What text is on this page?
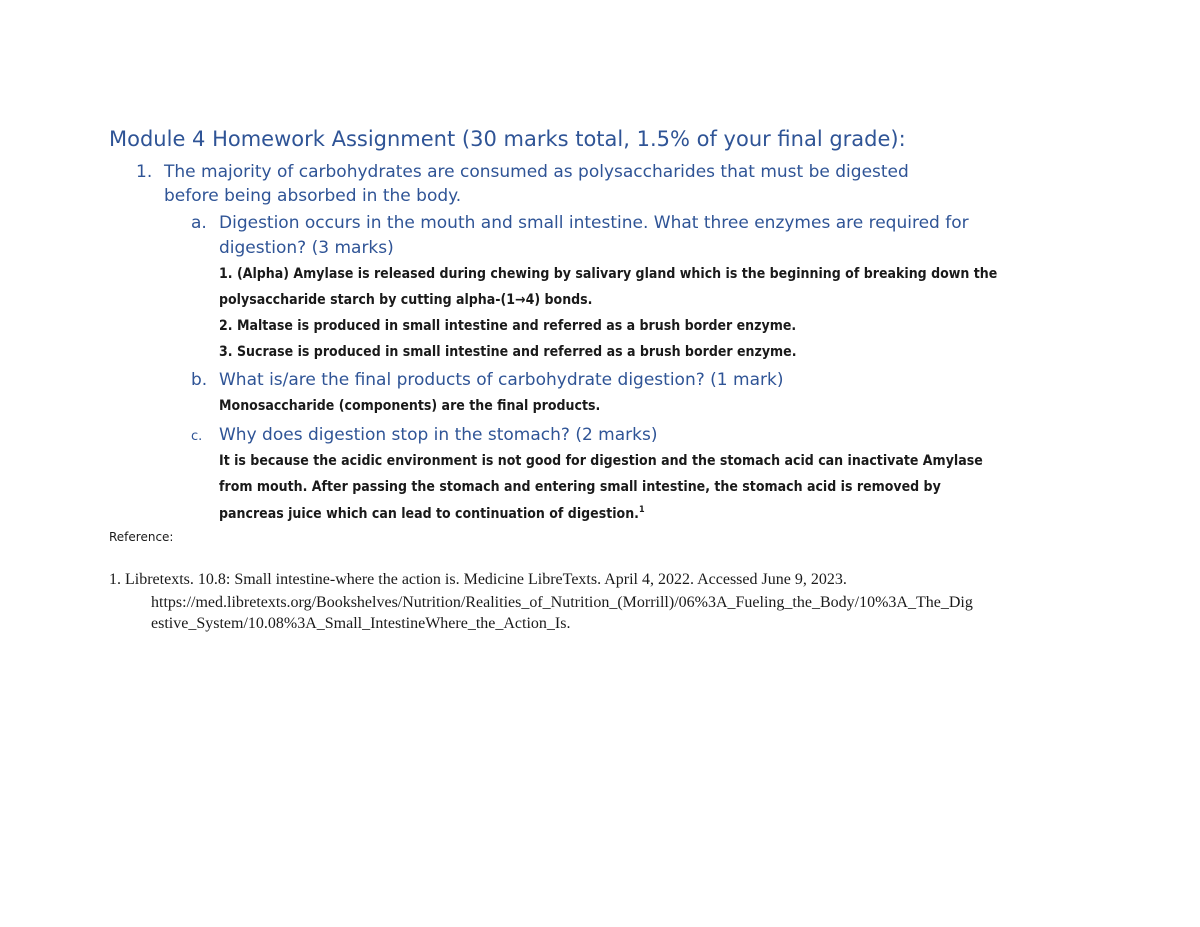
Module 4 Homework Assignment (30 marks total, 1.5% of your final grade):
1. The majority of carbohydrates are consumed as polysaccharides that must be digested
before being absorbed in the body.
a. Digestion occurs in the mouth and small intestine. What three enzymes are required for
digestion? (3 marks)
1. (Alpha) Amylase is released during chewing by salivary gland which is the beginning of breaking down the
polysaccharide starch by cutting alpha-(1→4) bonds.
2. Maltase is produced in small intestine and referred as a brush border enzyme.
3. Sucrase is produced in small intestine and referred as a brush border enzyme.
b. What is/are the final products of carbohydrate digestion? (1 mark)
Monosaccharide (components) are the final products.
c. Why does digestion stop in the stomach? (2 marks)
It is because the acidic environment is not good for digestion and the stomach acid can inactivate Amylase
from mouth. After passing the stomach and entering small intestine, the stomach acid is removed by
pancreas juice which can lead to continuation of digestion.$^1$
Reference:
1. Libretexts. 10.8: Small intestine-where the action is. Medicine LibreTexts. April 4, 2022. Accessed June 9, 2023.
https://med.libretexts.org/Bookshelves/Nutrition/Realities_of_Nutrition_(Morrill)/06%3A_Fueling_the_Body/10%3A_The_Dig
estive_System/10.08%3A_Small_IntestineWhere_the_Action_Is.
